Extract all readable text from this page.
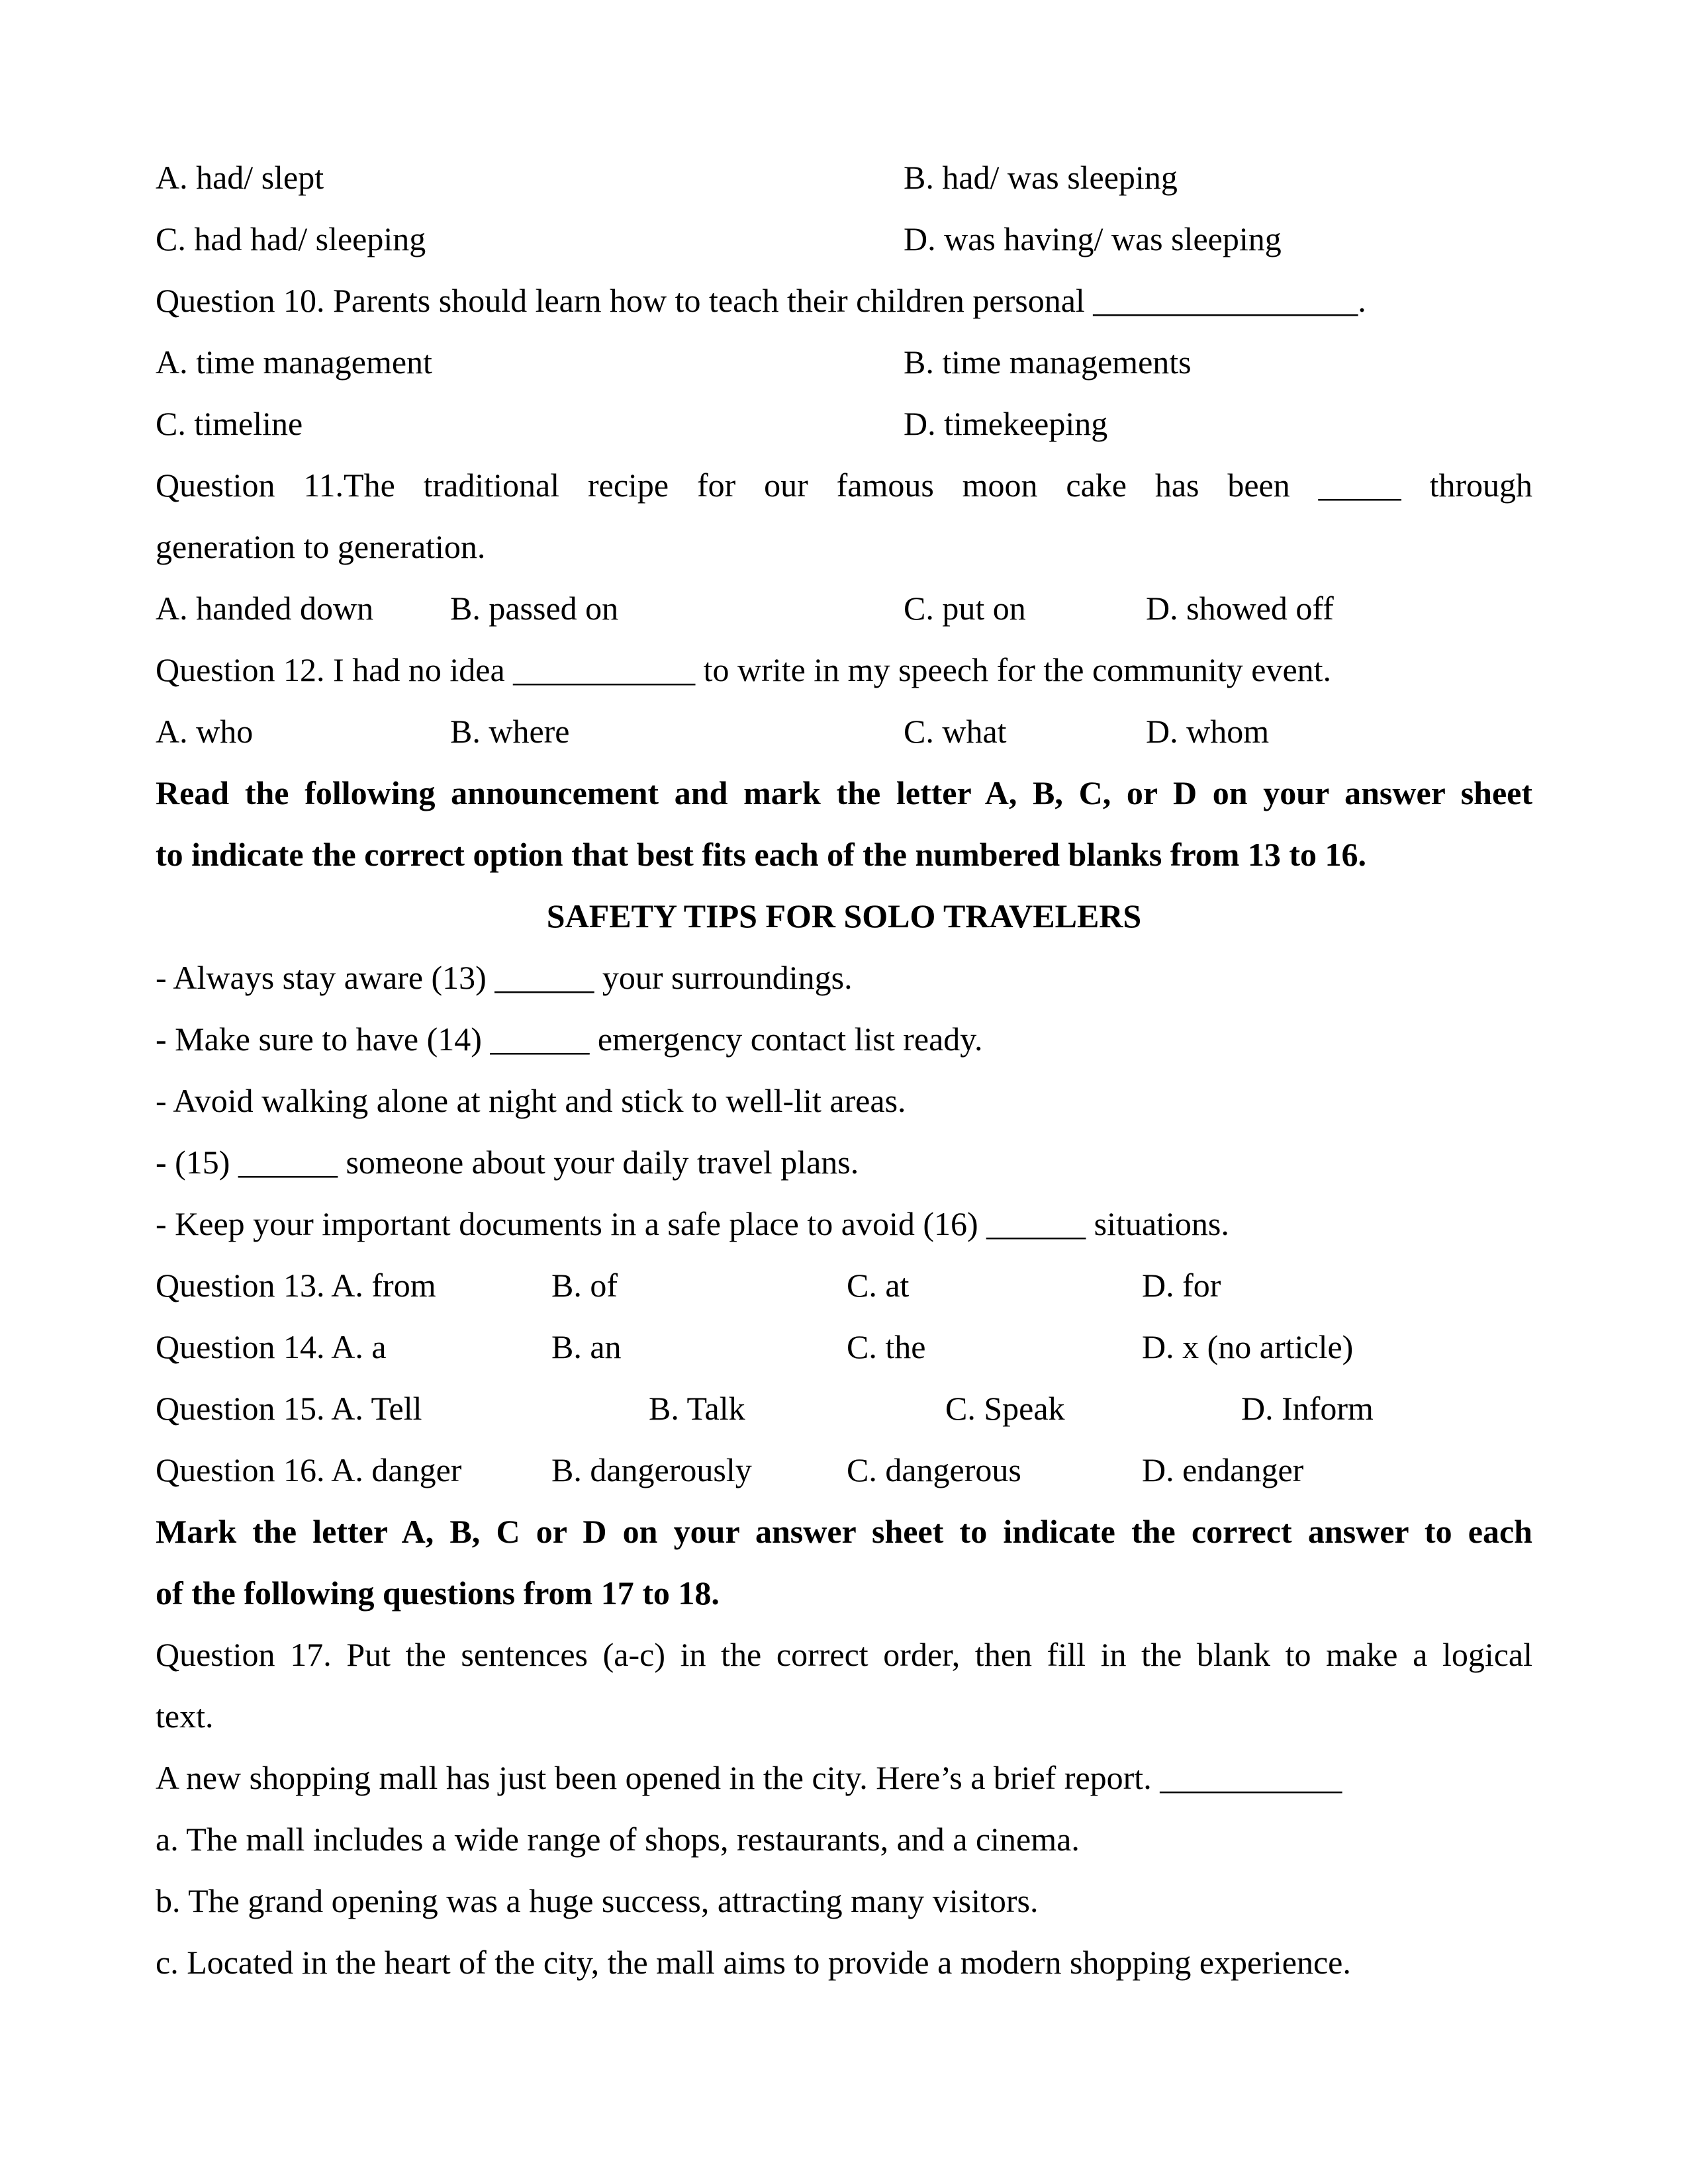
A. had/ slept	B. had/ was sleeping
C. had had/ sleeping	D. was having/ was sleeping
Question 10. Parents should learn how to teach their children personal ________________.
A. time management	B. time managements
C. timeline	D. timekeeping
Question 11.The traditional recipe for our famous moon cake has been _____ through
generation to generation.
A. handed down B. passed on	C. put on	D. showed off
Question 12. I had no idea ___________ to write in my speech for the community event.
A. who	B. where	C. what	D. whom
Read the following announcement and mark the letter A, B, C, or D on your answer sheet
to indicate the correct option that best fits each of the numbered blanks from 13 to 16.
SAFETY TIPS FOR SOLO TRAVELERS
- Always stay aware (13) ______ your surroundings.
- Make sure to have (14) ______ emergency contact list ready.
- Avoid walking alone at night and stick to well-lit areas.
- (15) ______ someone about your daily travel plans.
- Keep your important documents in a safe place to avoid (16) ______ situations.
Question 13. A. from	B. of	C. at	D. for
Question 14. A. a	B. an	C. the	D. x (no article)
Question 15. A. Tell	B. Talk	C. Speak	D. Inform
Question 16. A. danger	B. dangerously	C. dangerous	D. endanger
Mark the letter A, B, C or D on your answer sheet to indicate the correct answer to each
of the following questions from 17 to 18.
Question 17. Put the sentences (a-c) in the correct order, then fill in the blank to make a logical
text.
A new shopping mall has just been opened in the city. Here’s a brief report. ___________
a. The mall includes a wide range of shops, restaurants, and a cinema.
b. The grand opening was a huge success, attracting many visitors.
c. Located in the heart of the city, the mall aims to provide a modern shopping experience.
